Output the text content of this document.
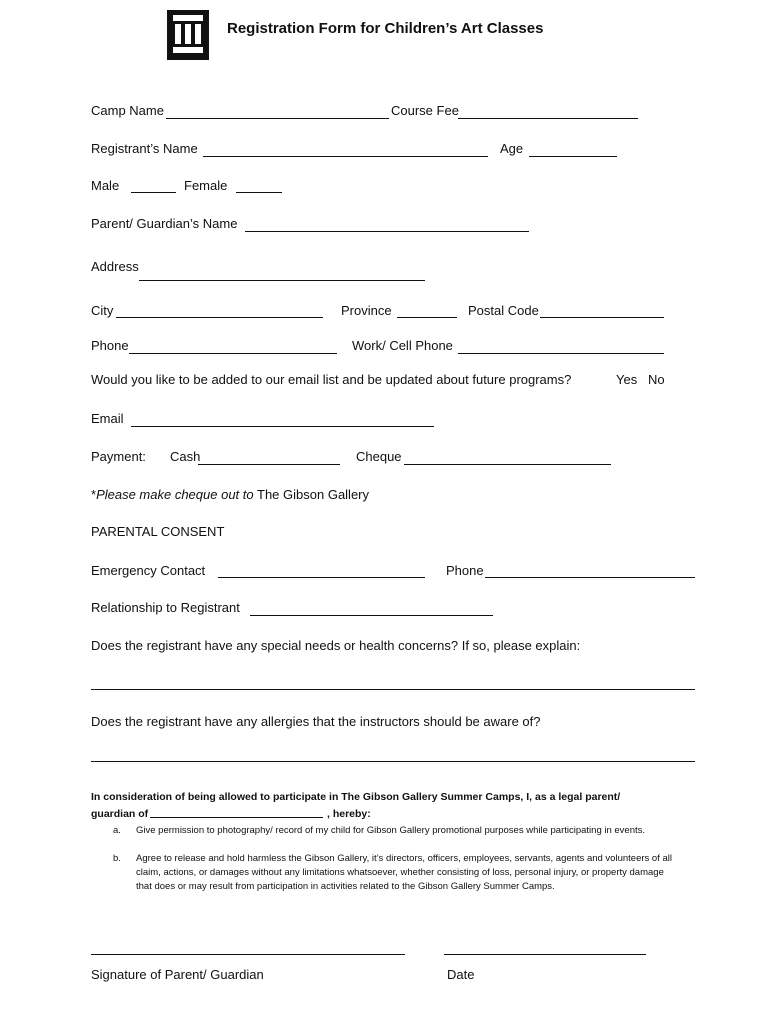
Registration Form for Children’s Art Classes
Camp Name	Course Fee
Registrant’s Name	Age
Male	Female
Parent/ Guardian’s Name
Address
City	Province	Postal Code
Phone	Work/ Cell Phone
Would you like to be added to our email list and be updated about future programs?	Yes No
Email
Payment: Cash	Cheque
*Please make cheque out to The Gibson Gallery
PARENTAL CONSENT
Emergency Contact	Phone
Relationship to Registrant
Does the registrant have any special needs or health concerns? If so, please explain:
Does the registrant have any allergies that the instructors should be aware of?
In consideration of being allowed to participate in The Gibson Gallery Summer Camps, I, as a legal parent/
guardian of	, hereby:
a. Give permission to photography/ record of my child for Gibson Gallery promotional purposes while participating in events.
b. Agree to release and hold harmless the Gibson Gallery, it’s directors, officers, employees, servants, agents and volunteers of all claim, actions, or damages without any limitations whatsoever, whether consisting of loss, personal injury, or property damage that does or may result from participation in activities related to the Gibson Gallery Summer Camps.
Signature of Parent/ Guardian	Date
